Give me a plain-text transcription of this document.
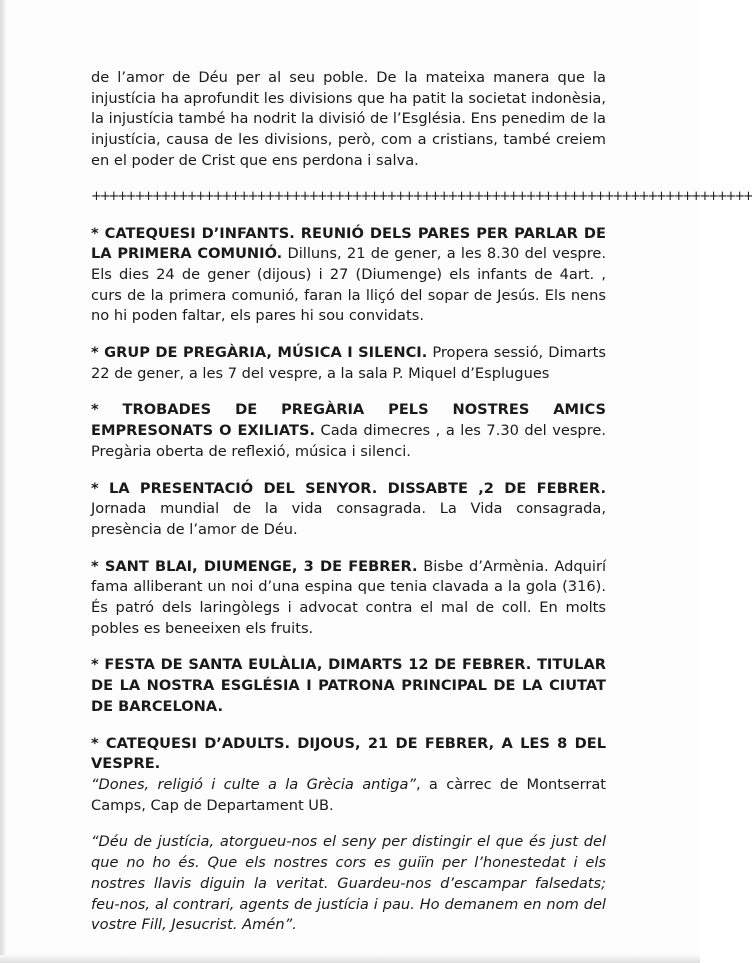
de l’amor de Déu per al seu poble. De la mateixa manera que la injustícia ha aprofundit les divisions que ha patit la societat indonèsia, la injustícia també ha nodrit la divisió de l’Església. Ens penedim de la injustícia, causa de les divisions, però, com a cristians, també creiem en el poder de Crist que ens perdona i salva.

++++++++++++++++++++++++++++++++++++++++++++++++++++++++++++++++++++++++++++

* CATEQUESI D’INFANTS. REUNIÓ DELS PARES PER PARLAR DE LA PRIMERA COMUNIÓ. Dilluns, 21 de gener, a les 8.30 del vespre. Els dies 24 de gener (dijous) i 27 (Diumenge) els infants de 4art. , curs de la primera comunió, faran la lliçó del sopar de Jesús. Els nens no hi poden faltar, els pares hi sou convidats.

* GRUP DE PREGÀRIA, MÚSICA I SILENCI. Propera sessió, Dimarts 22 de gener, a les 7 del vespre, a la sala P. Miquel d’Esplugues

* TROBADES DE PREGÀRIA PELS NOSTRES AMICS EMPRESONATS O EXILIATS. Cada dimecres , a les 7.30 del vespre. Pregària oberta de reflexió, música i silenci.

* LA PRESENTACIÓ DEL SENYOR. DISSABTE ,2 DE FEBRER. Jornada mundial de la vida consagrada. La Vida consagrada, presència de l’amor de Déu.

* SANT BLAI, DIUMENGE, 3 DE FEBRER. Bisbe d’Armènia. Adquirí fama alliberant un noi d’una espina que tenia clavada a la gola (316). És patró dels laringòlegs i advocat contra el mal de coll. En molts pobles es beneeixen els fruits.

* FESTA DE SANTA EULÀLIA, DIMARTS 12 DE FEBRER. TITULAR DE LA NOSTRA ESGLÉSIA I PATRONA PRINCIPAL DE LA CIUTAT DE BARCELONA.

* CATEQUESI D’ADULTS. DIJOUS, 21 DE FEBRER, A LES 8 DEL VESPRE.
“Dones, religió i culte a la Grècia antiga”, a càrrec de Montserrat Camps, Cap de Departament UB.

“Déu de justícia, atorgueu-nos el seny per distingir el que és just del que no ho és. Que els nostres cors es guiïn per l’honestedat i els nostres llavis diguin la veritat. Guardeu-nos d’escampar falsedats; feu-nos, al contrari, agents de justícia i pau. Ho demanem en nom del vostre Fill, Jesucrist. Amén”.
